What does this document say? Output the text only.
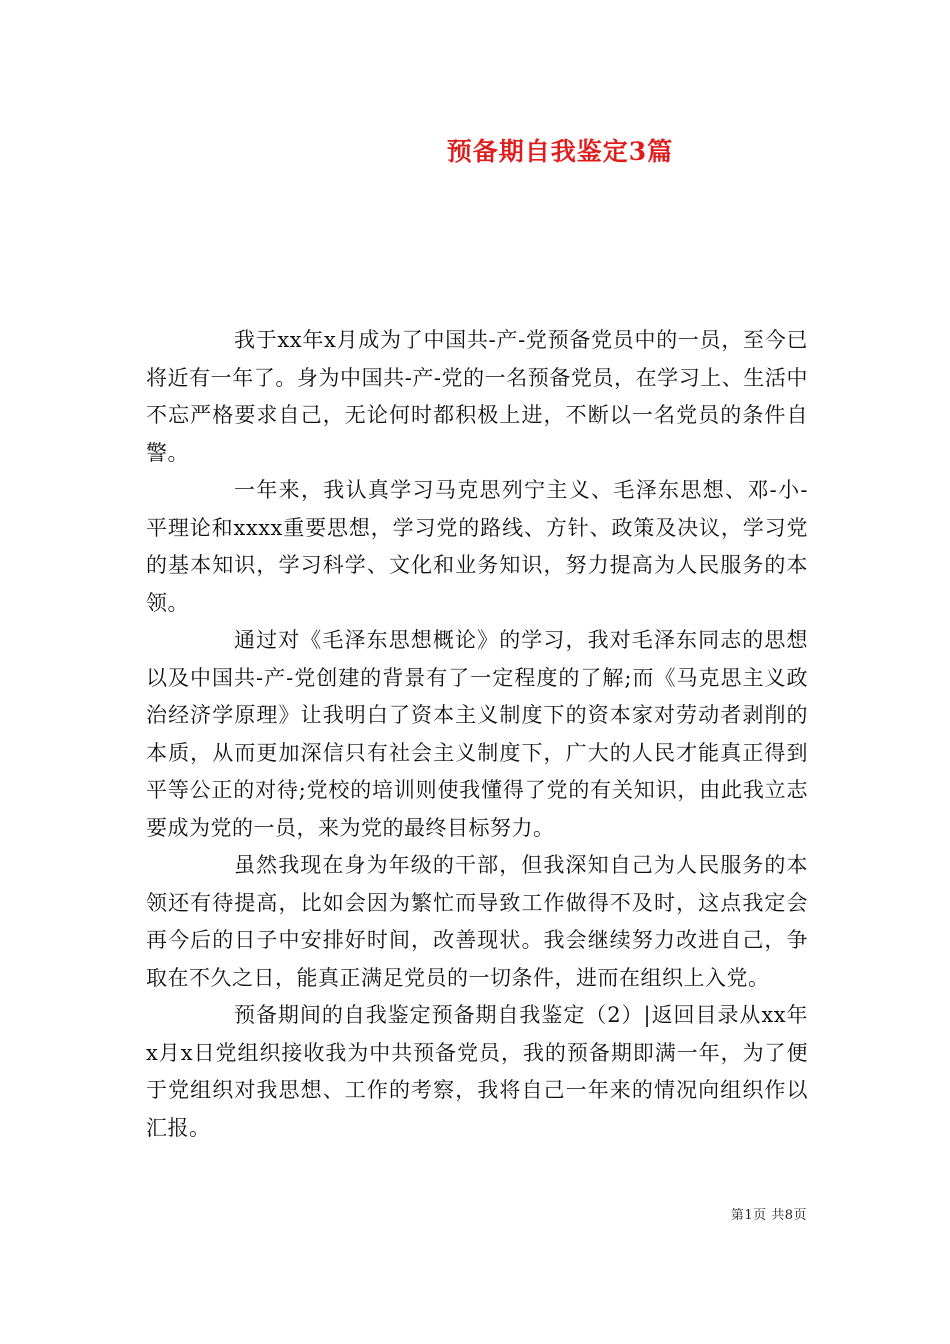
预备期自我鉴定3篇

我于xx年x月成为了中国共-产-党预备党员中的一员，至今已将近有一年了。身为中国共-产-党的一名预备党员，在学习上、生活中不忘严格要求自己，无论何时都积极上进，不断以一名党员的条件自警。

一年来，我认真学习马克思列宁主义、毛泽东思想、邓-小-平理论和xxxx重要思想，学习党的路线、方针、政策及决议，学习党的基本知识，学习科学、文化和业务知识，努力提高为人民服务的本领。

通过对《毛泽东思想概论》的学习，我对毛泽东同志的思想以及中国共-产-党创建的背景有了一定程度的了解;而《马克思主义政治经济学原理》让我明白了资本主义制度下的资本家对劳动者剥削的本质，从而更加深信只有社会主义制度下，广大的人民才能真正得到平等公正的对待;党校的培训则使我懂得了党的有关知识，由此我立志要成为党的一员，来为党的最终目标努力。

虽然我现在身为年级的干部，但我深知自己为人民服务的本领还有待提高，比如会因为繁忙而导致工作做得不及时，这点我定会再今后的日子中安排好时间，改善现状。我会继续努力改进自己，争取在不久之日，能真正满足党员的一切条件，进而在组织上入党。

预备期间的自我鉴定预备期自我鉴定（2）|返回目录从xx年x月x日党组织接收我为中共预备党员，我的预备期即满一年，为了便于党组织对我思想、工作的考察，我将自己一年来的情况向组织作以汇报。

第1页 共8页
